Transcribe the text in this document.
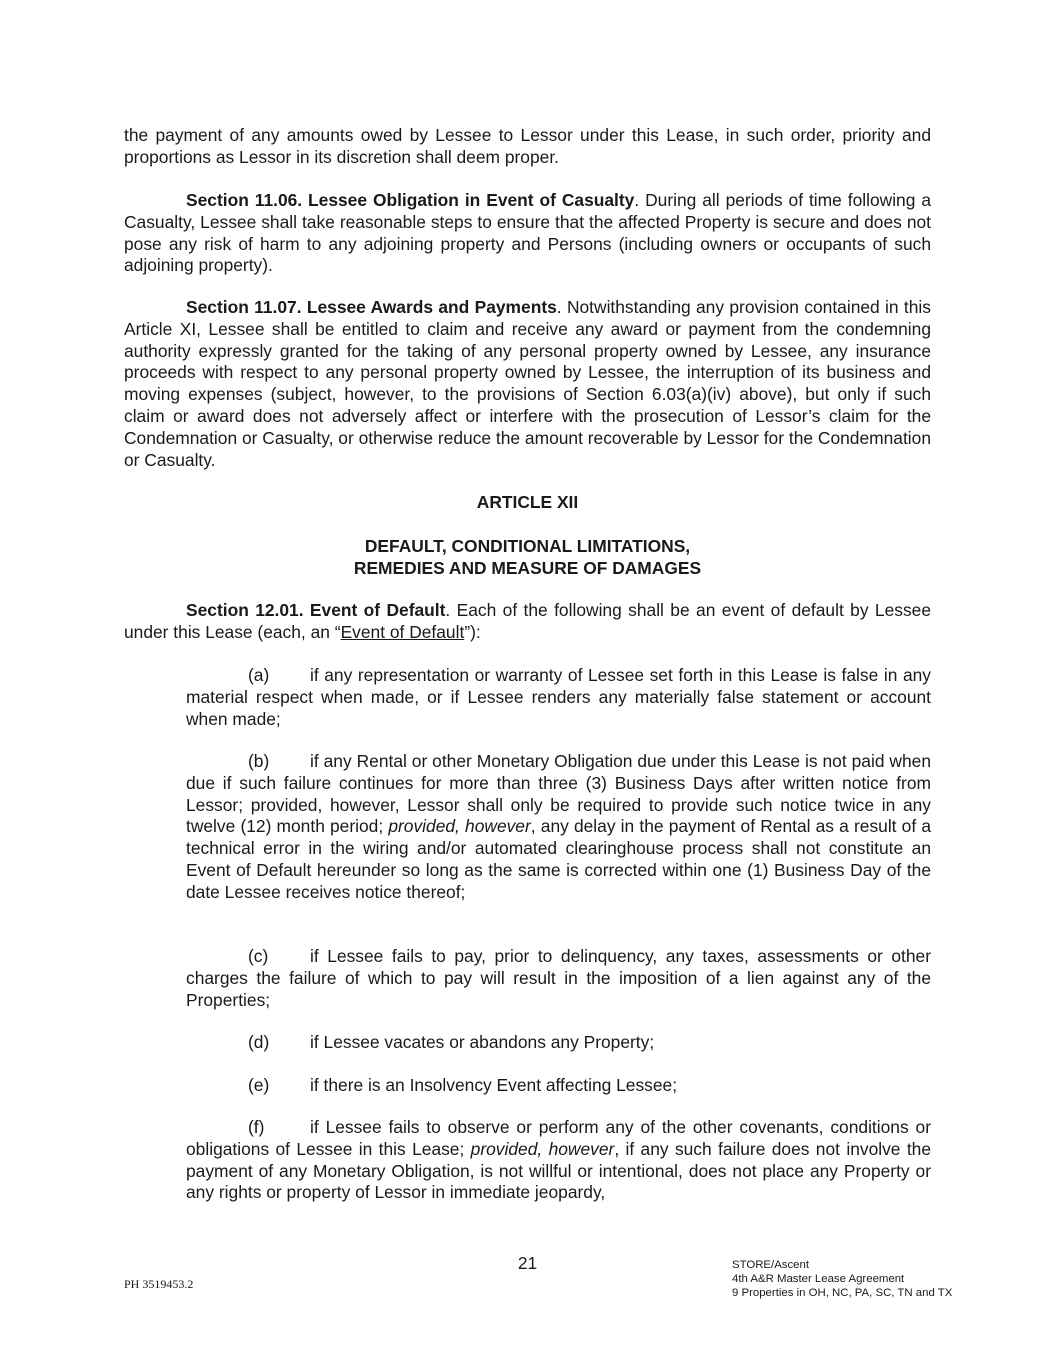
the payment of any amounts owed by Lessee to Lessor under this Lease, in such order, priority and proportions as Lessor in its discretion shall deem proper.

Section 11.06. Lessee Obligation in Event of Casualty. During all periods of time following a Casualty, Lessee shall take reasonable steps to ensure that the affected Property is secure and does not pose any risk of harm to any adjoining property and Persons (including owners or occupants of such adjoining property).

Section 11.07. Lessee Awards and Payments. Notwithstanding any provision contained in this Article XI, Lessee shall be entitled to claim and receive any award or payment from the condemning authority expressly granted for the taking of any personal property owned by Lessee, any insurance proceeds with respect to any personal property owned by Lessee, the interruption of its business and moving expenses (subject, however, to the provisions of Section 6.03(a)(iv) above), but only if such claim or award does not adversely affect or interfere with the prosecution of Lessor’s claim for the Condemnation or Casualty, or otherwise reduce the amount recoverable by Lessor for the Condemnation or Casualty.

ARTICLE XII

DEFAULT, CONDITIONAL LIMITATIONS,

REMEDIES AND MEASURE OF DAMAGES

Section 12.01. Event of Default. Each of the following shall be an event of default by Lessee under this Lease (each, an “Event of Default”):

(a) if any representation or warranty of Lessee set forth in this Lease is false in any material respect when made, or if Lessee renders any materially false statement or account when made;

(b) if any Rental or other Monetary Obligation due under this Lease is not paid when due if such failure continues for more than three (3) Business Days after written notice from Lessor; provided, however, Lessor shall only be required to provide such notice twice in any twelve (12) month period; provided, however, any delay in the payment of Rental as a result of a technical error in the wiring and/or automated clearinghouse process shall not constitute an Event of Default hereunder so long as the same is corrected within one (1) Business Day of the date Lessee receives notice thereof;

(c) if Lessee fails to pay, prior to delinquency, any taxes, assessments or other charges the failure of which to pay will result in the imposition of a lien against any of the Properties;

(d) if Lessee vacates or abandons any Property;

(e) if there is an Insolvency Event affecting Lessee;

(f)	if Lessee fails to observe or perform any of the other covenants, conditions or obligations of Lessee in this Lease; provided, however, if any such failure does not involve the payment of any Monetary Obligation, is not willful or intentional, does not place any Property or any rights or property of Lessor in immediate jeopardy,

21
PH 3519453.2
STORE/Ascent
4th A&R Master Lease Agreement
9 Properties in OH, NC, PA, SC, TN and TX
